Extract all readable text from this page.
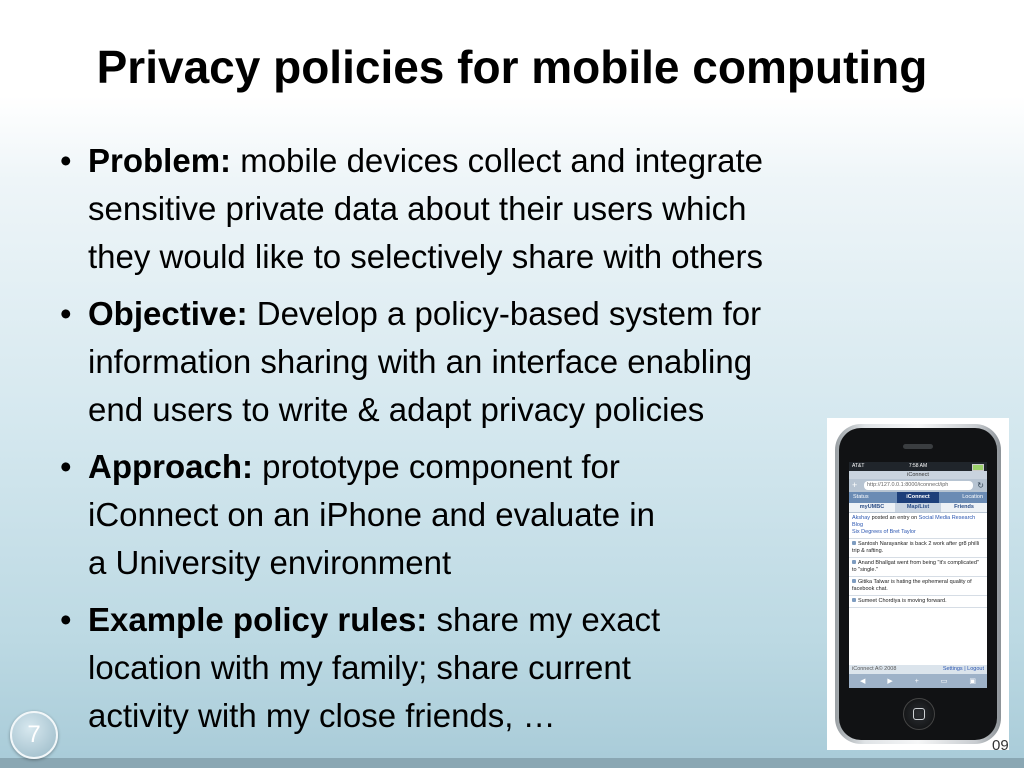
Privacy policies for mobile computing
• Problem: mobile devices collect and integrate
sensitive private data about their users which
they would like to selectively share with others
• Objective: Develop a policy-based system for
information sharing with an interface enabling
end users to write & adapt privacy policies
• Approach: prototype component for
iConnect on an iPhone and evaluate in
a University environment
• Example policy rules: share my exact
location with my family; share current
activity with my close friends, …
AT&T	7:58 AM
iConnect
+	http://127.0.0.1:8000/iconnect/iph	↻
Status	iConnect	Location
myUMBC	Map/List	Friends
Akshay posted an entry on Social Media Research Blog
Six Degrees of Bret Taylor
Santosh Narayankar is back 2 work after gr8 philli trip & rafting.
Anand Bhallgat went from being "it's complicated" to "single."
Gitika Talwar is hating the ephemeral quality of facebook chat.
Sumeet Chordiya is moving forward.
iConnect A© 2008	Settings | Logout
◀	▶	+	▭	▣
7	09
